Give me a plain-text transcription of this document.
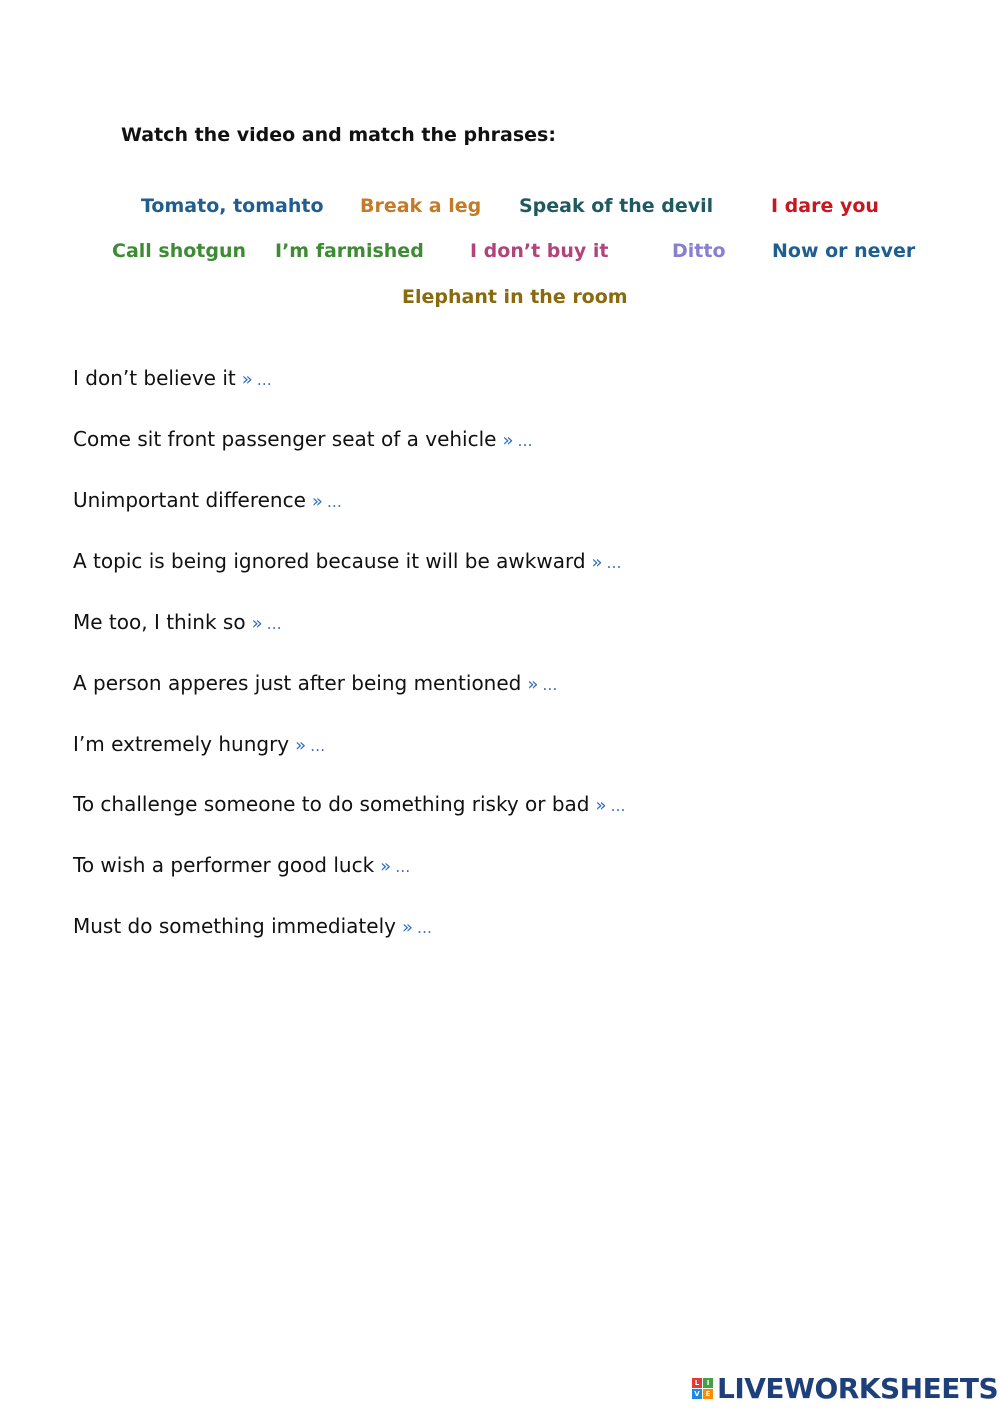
Watch the video and match the phrases:
Tomato, tomahto Break a leg Speak of the devil	I dare you
Call shotgun I’m farmished I don’t buy it	Ditto Now or never
Elephant in the room
I don’t believe it » …
Come sit front passenger seat of a vehicle » …
Unimportant difference » …
A topic is being ignored because it will be awkward » …
Me too, I think so » …
A person apperes just after being mentioned » …
I’m extremely hungry » …
To challenge someone to do something risky or bad » …
To wish a performer good luck » …
Must do something immediately » …
L	I
V E LIVEWORKSHEETS
